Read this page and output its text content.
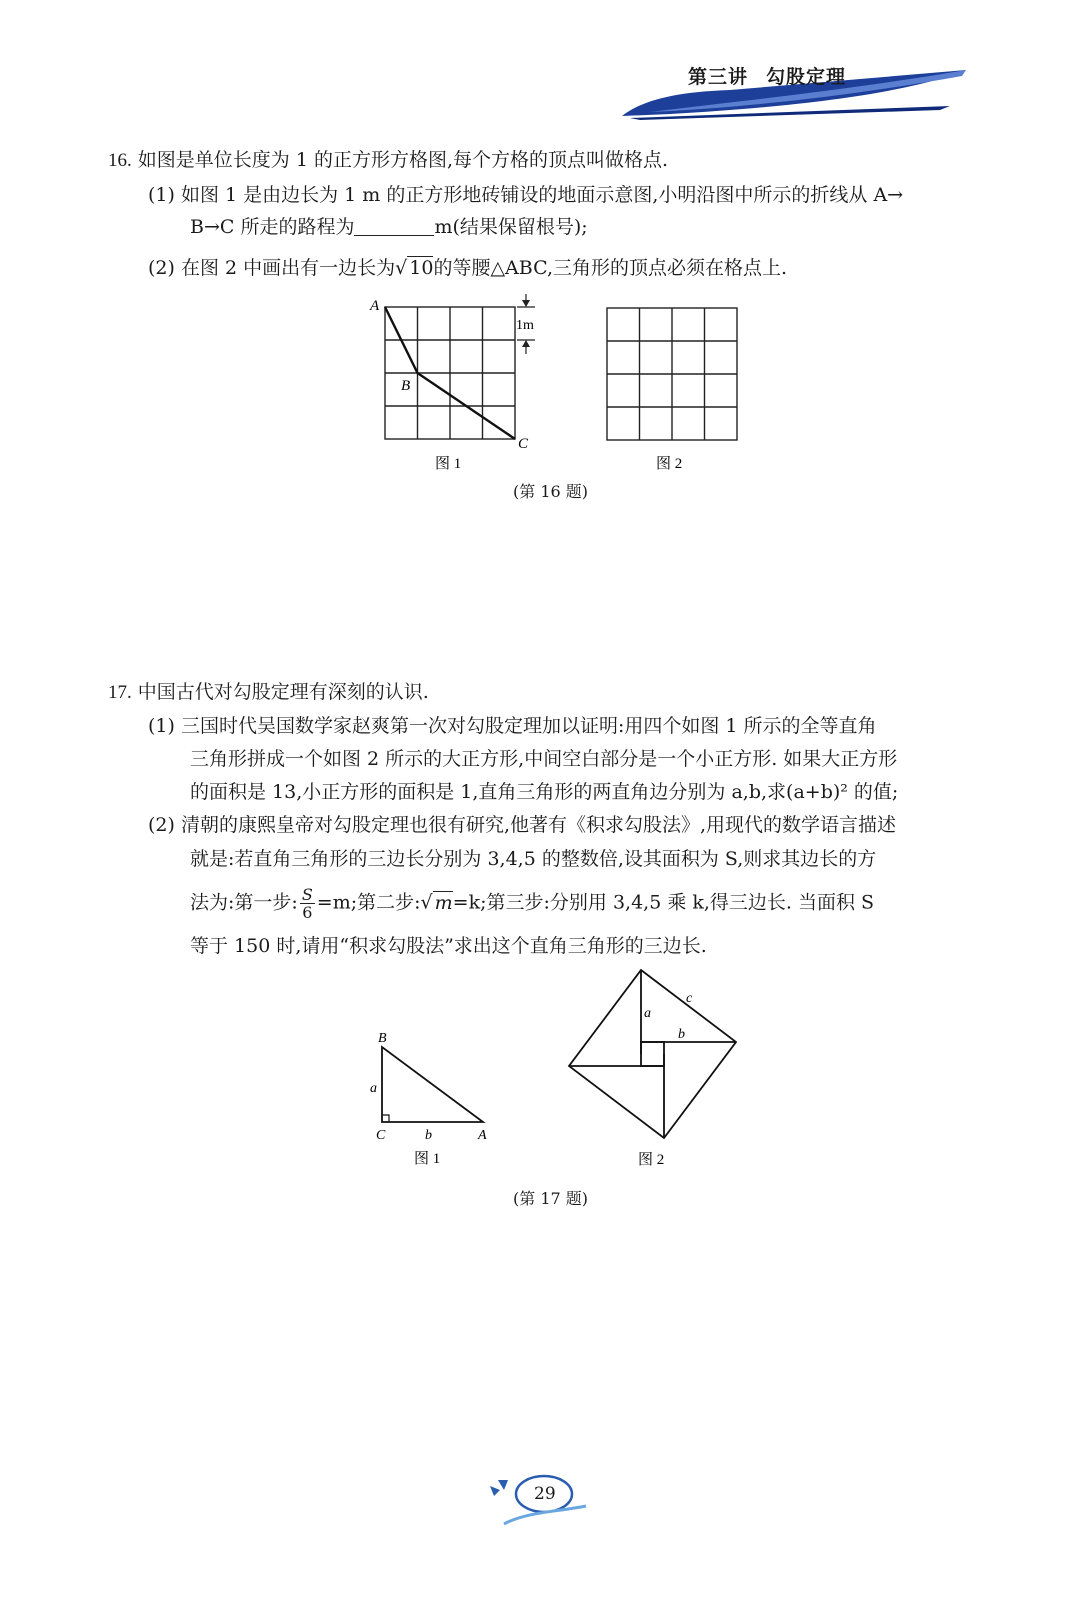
第三讲 勾股定理
16. 如图是单位长度为 1 的正方形方格图,每个方格的顶点叫做格点.
(1) 如图 1 是由边长为 1 m 的正方形地砖铺设的地面示意图,小明沿图中所示的折线从 A→
B→C 所走的路程为	m(结果保留根号);
(2) 在图 2 中画出有一边长为√ 10的等腰△ABC,三角形的顶点必须在格点上.
A
B
C
1m
图 1	图 2
(第 16 题)
17. 中国古代对勾股定理有深刻的认识.
(1) 三国时代吴国数学家赵爽第一次对勾股定理加以证明:用四个如图 1 所示的全等直角
三角形拼成一个如图 2 所示的大正方形,中间空白部分是一个小正方形. 如果大正方形
的面积是 13,小正方形的面积是 1,直角三角形的两直角边分别为 a,b,求(a+b)² 的值;
(2) 清朝的康熙皇帝对勾股定理也很有研究,他著有《积求勾股法》,用现代的数学语言描述
就是:若直角三角形的三边长分别为 3,4,5 的整数倍,设其面积为 S,则求其边长的方
法为:第一步: $\frac{S}{6} =m$;第二步:√ m=k;第三步:分别用 3,4,5 乘 k,得三边长. 当面积 S
等于 150 时,请用“积求勾股法”求出这个直角三角形的三边长.
B
a
C	b	A
图 1
c
a
b
图 2
(第 17 题)
29
